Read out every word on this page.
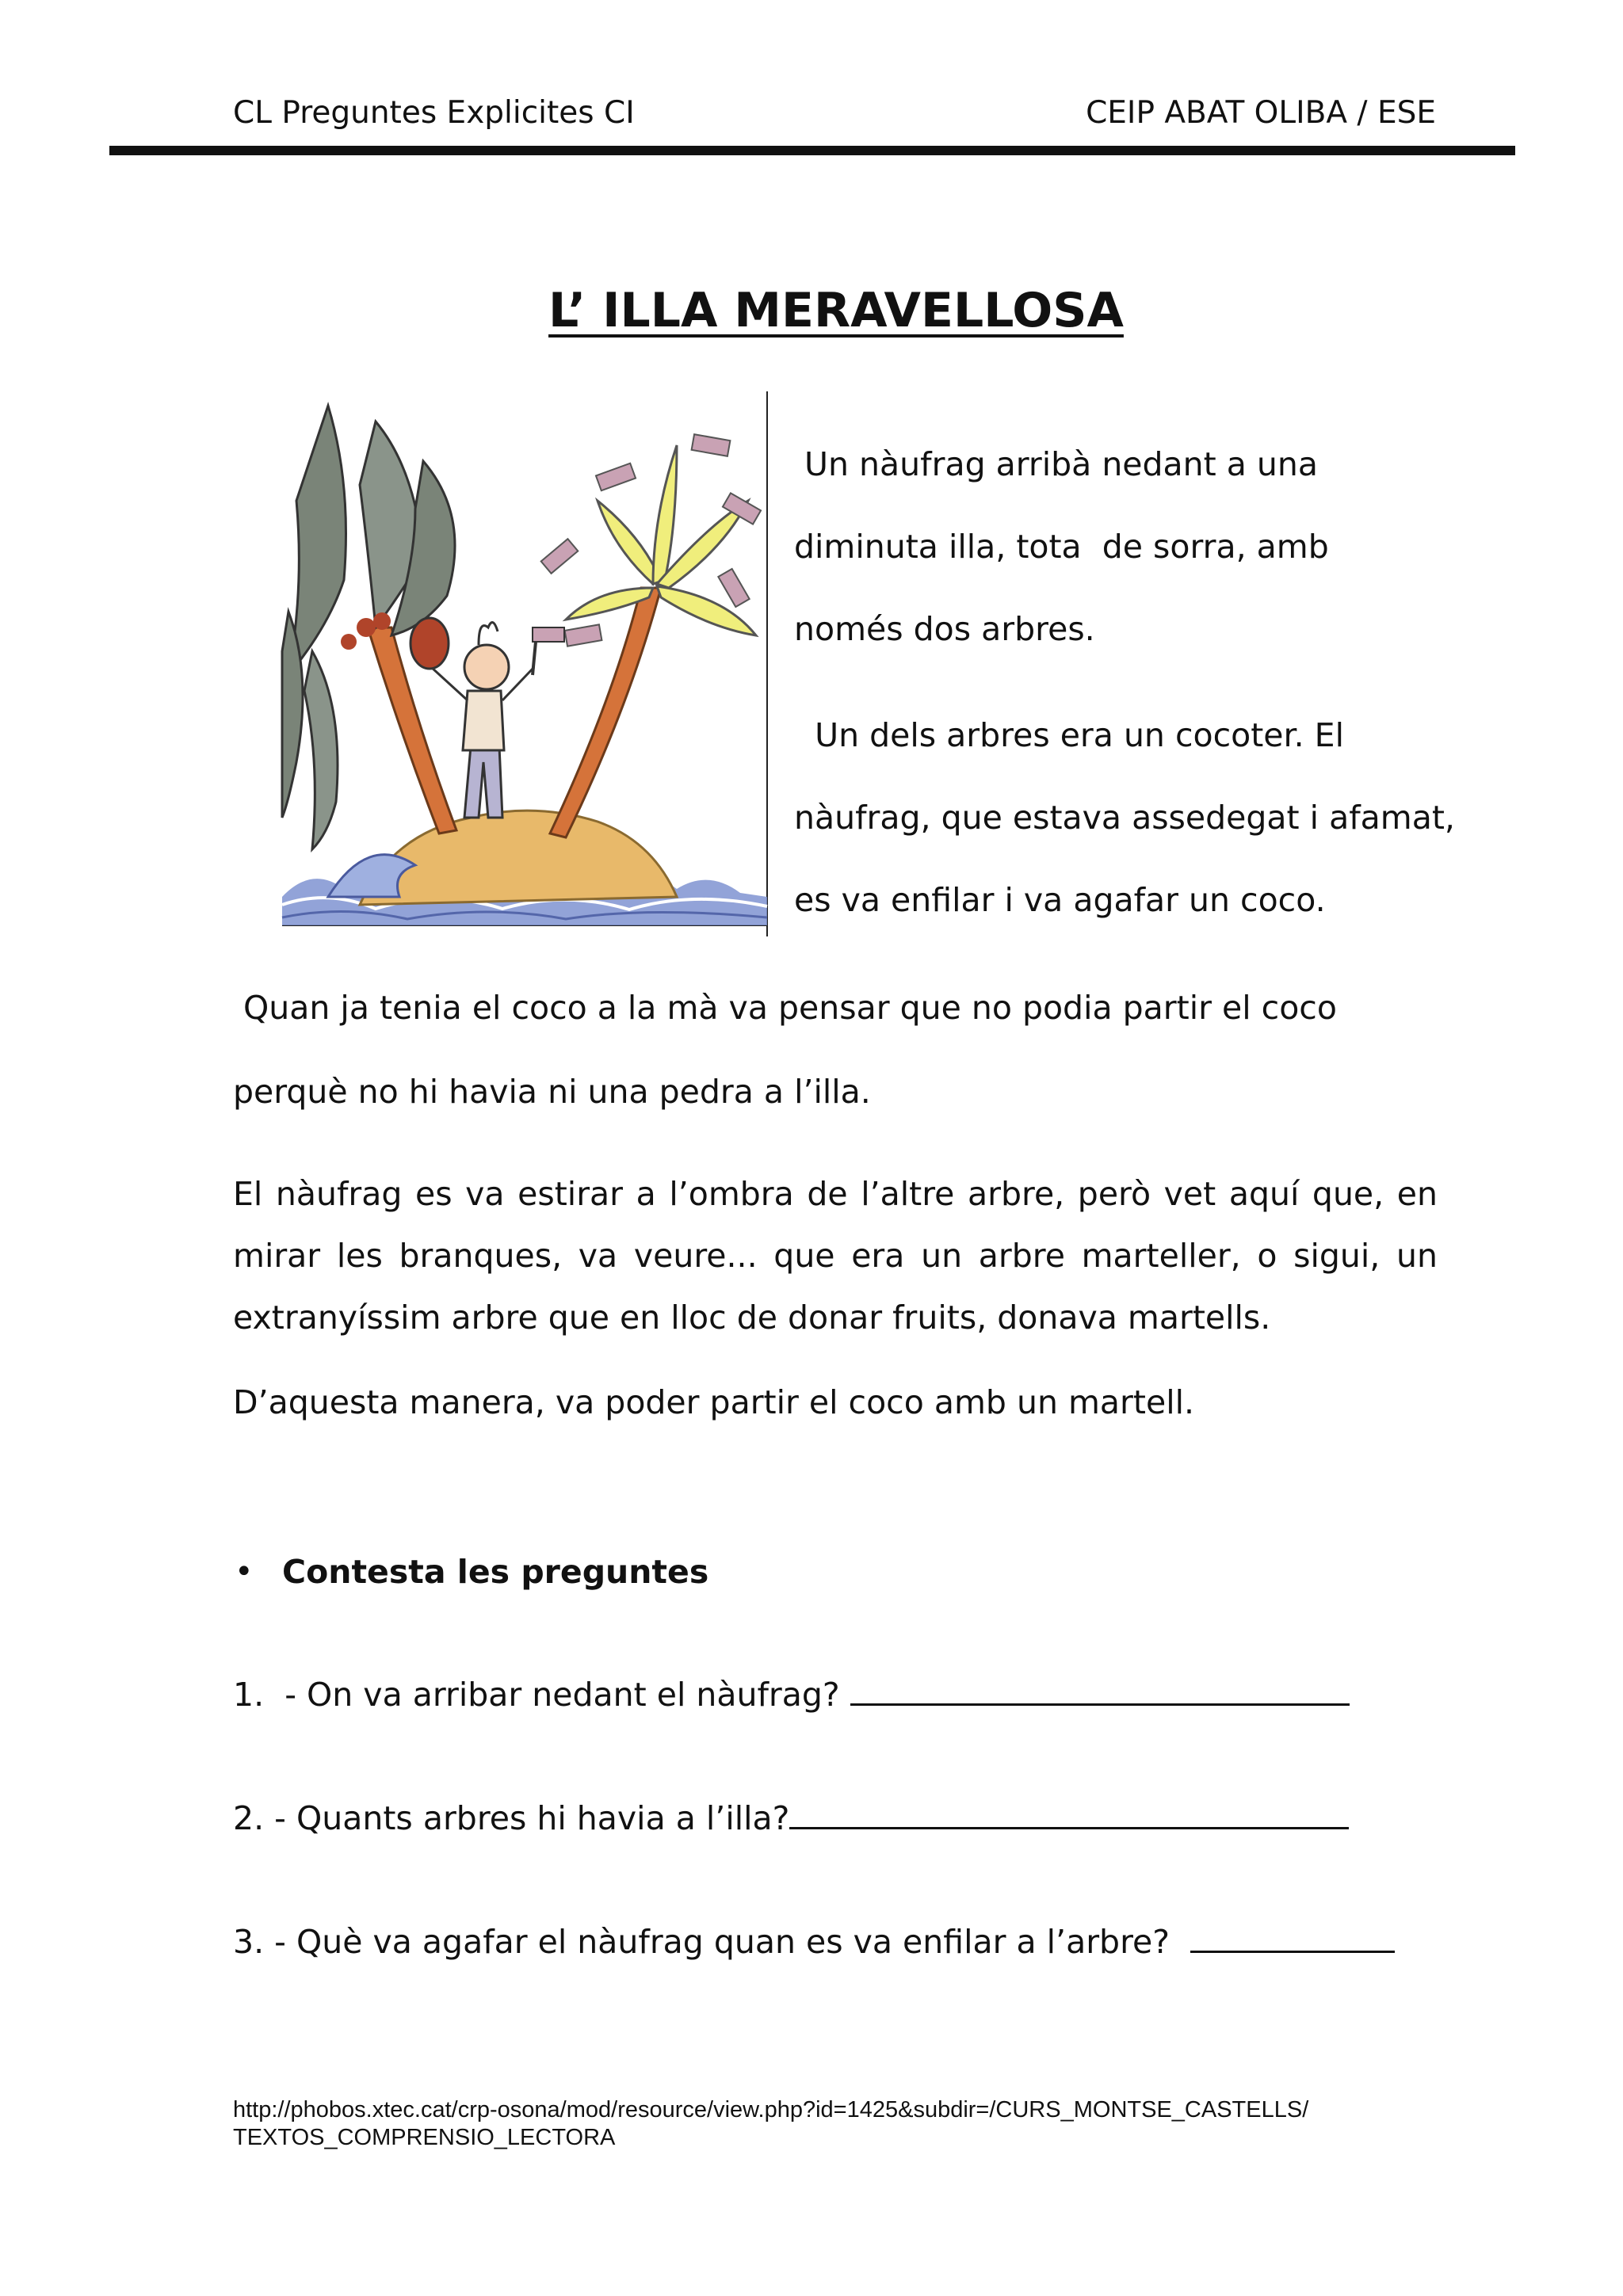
CL Preguntes Explicites CI	CEIP ABAT OLIBA / ESE
L’ ILLA MERAVELLOSA
Un nàufrag arribà nedant a una
diminuta illa, tota  de sorra, amb
només dos arbres.
Un dels arbres era un cocoter. El
nàufrag, que estava assedegat i afamat,
es va enfilar i va agafar un coco.
Quan ja tenia el coco a la mà va pensar que no podia partir el coco
perquè no hi havia ni una pedra a l’illa.
El nàufrag es va estirar a l’ombra de l’altre arbre, però vet aquí que, en
mirar les branques, va veure... que era un arbre marteller, o sigui, un
extranyíssim arbre que en lloc de donar fruits, donava martells.
D’aquesta manera, va poder partir el coco amb un martell.
• Contesta les preguntes
1.  - On va arribar nedant el nàufrag?
2. - Quants arbres hi havia a l’illa?
3. - Què va agafar el nàufrag quan es va enfilar a l’arbre?
http://phobos.xtec.cat/crp-osona/mod/resource/view.php?id=1425&subdir=/CURS_MONTSE_CASTELLS/
TEXTOS_COMPRENSIO_LECTORA
